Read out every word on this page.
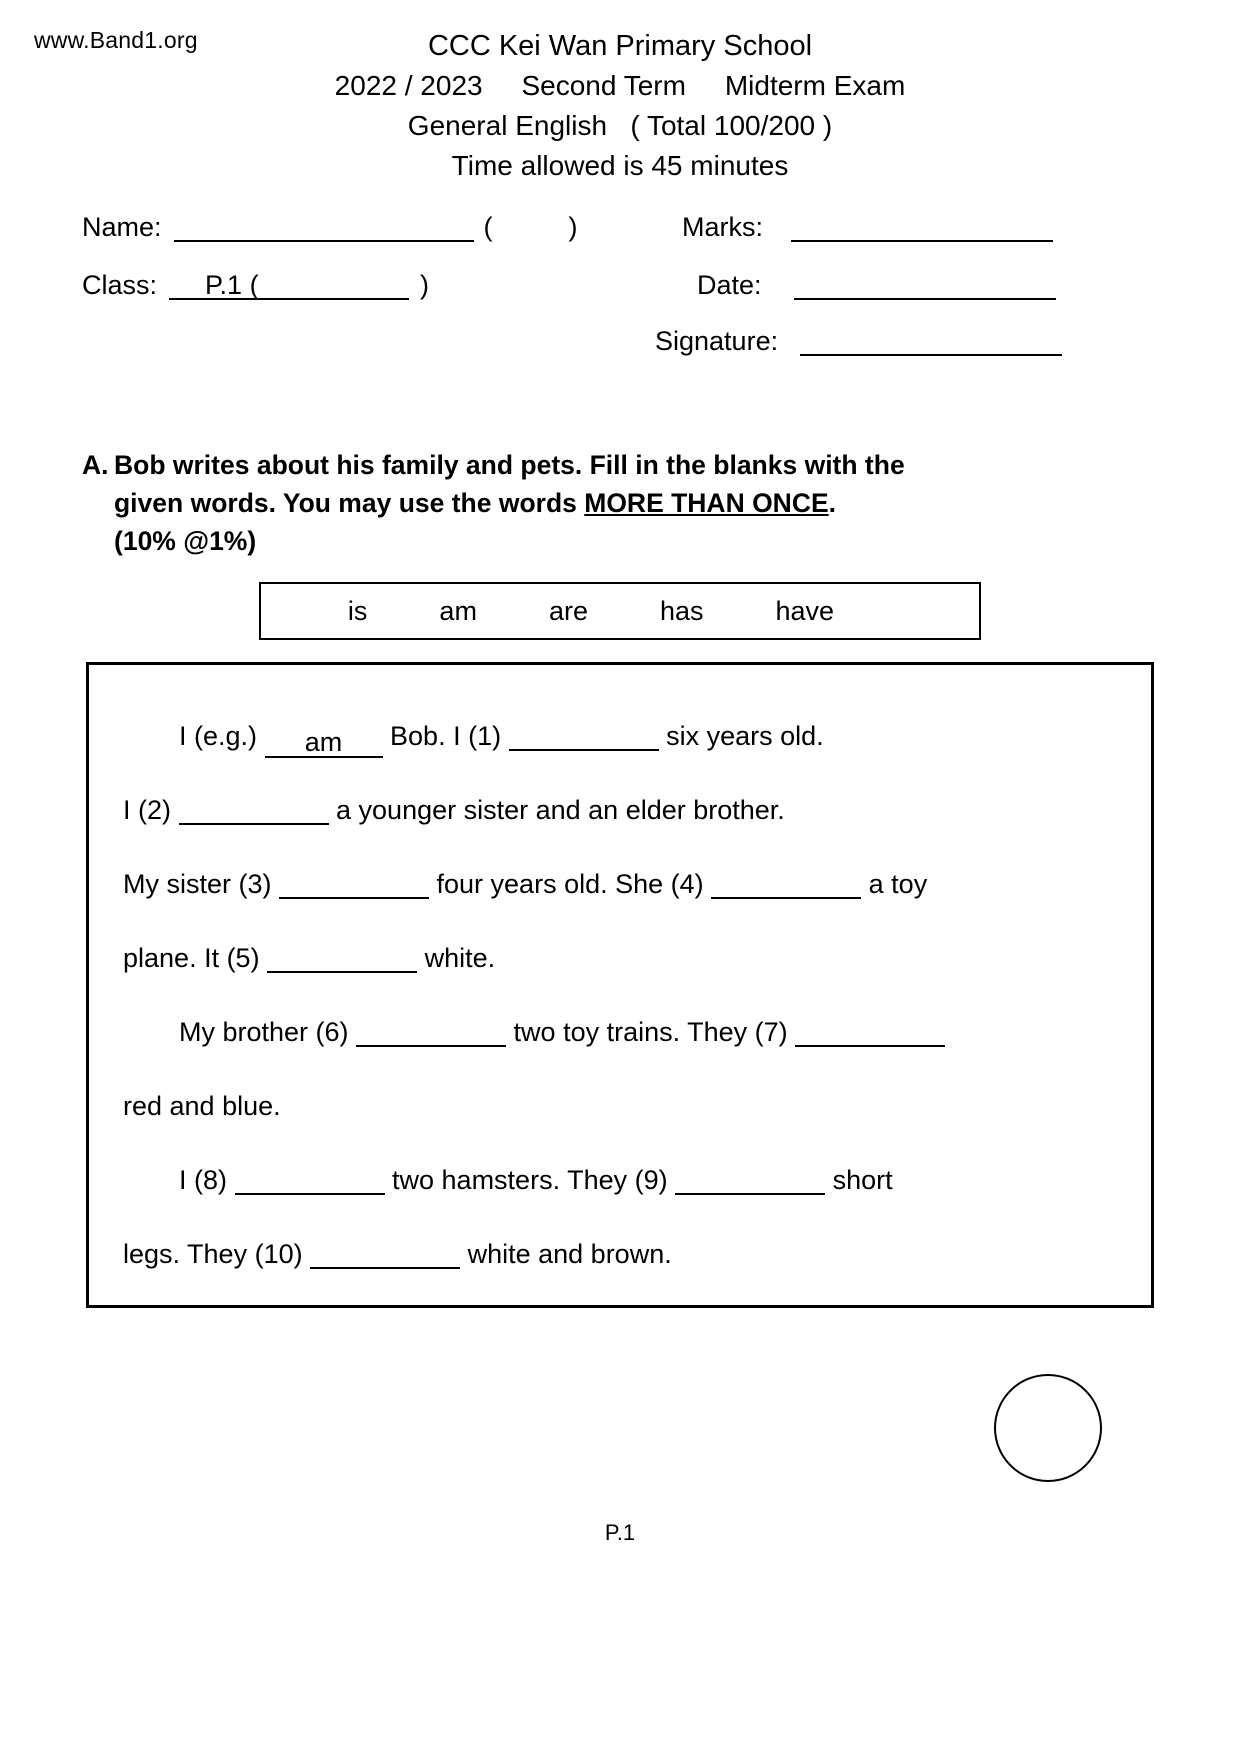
www.Band1.org	CCC Kei Wan Primary School
2022 / 2023     Second Term     Midterm Exam
General English   ( Total 100/200 )
Time allowed is 45 minutes
Name:	(	)
Class:	P.1 (	)
Marks:
Date:
Signature:
A. Bob writes about his family and pets. Fill in the blanks with the
given words. You may use the words MORE THAN ONCE.
(10% @1%)
is	am	are	has	have
I (e.g.) am Bob. I (1)	six years old.
I (2)	a younger sister and an elder brother.
My sister (3)	four years old. She (4)	a toy
plane. It (5)	white.
My brother (6)	two toy trains. They (7)
red and blue.
I (8)	two hamsters. They (9)	short
legs. They (10)	white and brown.
P.1
